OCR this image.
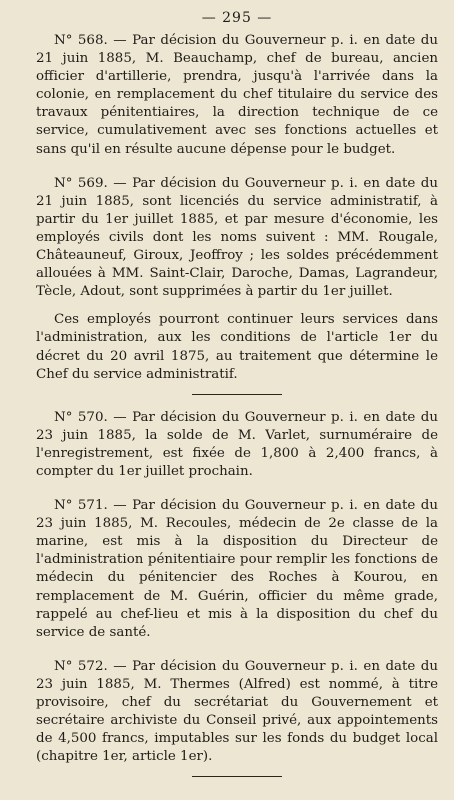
— 295 —

N° 568. — Par décision du Gouverneur p. i. en date du 21 juin 1885, M. Beauchamp, chef de bureau, ancien officier d'artillerie, prendra, jusqu'à l'arrivée dans la colonie, en remplacement du chef titulaire du service des travaux pénitentiaires, la direction technique de ce service, cumulativement avec ses fonctions actuelles et sans qu'il en résulte aucune dépense pour le budget.

N° 569. — Par décision du Gouverneur p. i. en date du 21 juin 1885, sont licenciés du service administratif, à partir du 1er juillet 1885, et par mesure d'économie, les employés civils dont les noms suivent : MM. Rougale, Châteauneuf, Giroux, Jeoffroy ; les soldes précédemment allouées à MM. Saint-Clair, Daroche, Damas, Lagrandeur, Tècle, Adout, sont supprimées à partir du 1er juillet.

Ces employés pourront continuer leurs services dans l'administration, aux les conditions de l'article 1er du décret du 20 avril 1875, au traitement que détermine le Chef du service administratif.

N° 570. — Par décision du Gouverneur p. i. en date du 23 juin 1885, la solde de M. Varlet, surnuméraire de l'enregistrement, est fixée de 1,800 à 2,400 francs, à compter du 1er juillet prochain.

N° 571. — Par décision du Gouverneur p. i. en date du 23 juin 1885, M. Recoules, médecin de 2e classe de la marine, est mis à la disposition du Directeur de l'administration pénitentiaire pour remplir les fonctions de médecin du pénitencier des Roches à Kourou, en remplacement de M. Guérin, officier du même grade, rappelé au chef-lieu et mis à la disposition du chef du service de santé.

N° 572. — Par décision du Gouverneur p. i. en date du 23 juin 1885, M. Thermes (Alfred) est nommé, à titre provisoire, chef du secrétariat du Gouvernement et secrétaire archiviste du Conseil privé, aux appointements de 4,500 francs, imputables sur les fonds du budget local (chapitre 1er, article 1er).
